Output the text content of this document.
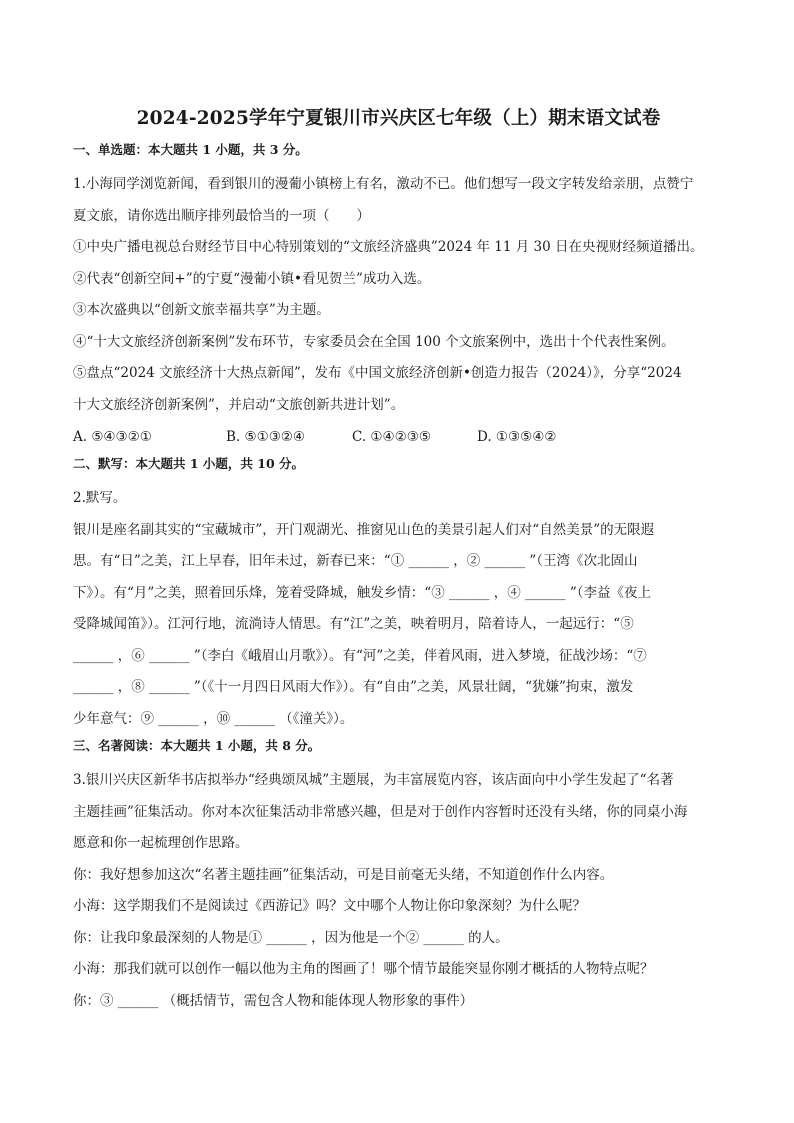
2024-2025学年宁夏银川市兴庆区七年级（上）期末语文试卷
一、单选题：本大题共 1 小题，共 3 分。

1.小海同学浏览新闻，看到银川的漫葡小镇榜上有名，激动不已。他们想写一段文字转发给亲朋，点赞宁

夏文旅，请你选出顺序排列最恰当的一项（　　）

①中央广播电视总台财经节目中心特别策划的“文旅经济盛典”2024 年 11 月 30 日在央视财经频道播出。

②代表“创新空间+”的宁夏“漫葡小镇•看见贺兰”成功入选。

③本次盛典以“创新文旅幸福共享”为主题。

④“十大文旅经济创新案例”发布环节，专家委员会在全国 100 个文旅案例中，选出十个代表性案例。

⑤盘点“2024 文旅经济十大热点新闻”，发布《中国文旅经济创新•创造力报告（2024）》，分享“2024

十大文旅经济创新案例”，并启动“文旅创新共进计划”。

A. ⑤④③②①	B. ⑤①③②④	C. ①④②③⑤	D. ①③⑤④②
二、默写：本大题共 1 小题，共 10 分。

2.默写。

银川是座名副其实的“宝藏城市”，开门观湖光、推窗见山色的美景引起人们对“自然美景”的无限遐

思。有“日”之美，江上早春，旧年未过，新春已来：“① ______ ，② ______ ”（王湾《次北固山

下》）。有“月”之美，照着回乐烽，笼着受降城，触发乡情：“③ ______ ，④ ______ ”（李益《夜上

受降城闻笛》）。江河行地，流淌诗人情思。有“江”之美，映着明月，陪着诗人，一起远行：“⑤

______ ，⑥ ______ ”（李白《峨眉山月歌》）。有“河”之美，伴着风雨，进入梦境，征战沙场：“⑦

______ ，⑧ ______ ”（《十一月四日风雨大作》）。有“自由”之美，风景壮阔，“犹嫌”拘束，激发

少年意气：⑨ ______ ，⑩ ______ （《潼关》）。

三、名著阅读：本大题共 1 小题，共 8 分。

3.银川兴庆区新华书店拟举办“经典颂凤城”主题展，为丰富展览内容，该店面向中小学生发起了“名著

主题挂画”征集活动。你对本次征集活动非常感兴趣，但是对于创作内容暂时还没有头绪，你的同桌小海

愿意和你一起梳理创作思路。

你：我好想参加这次“名著主题挂画”征集活动，可是目前毫无头绪，不知道创作什么内容。

小海：这学期我们不是阅读过《西游记》吗？文中哪个人物让你印象深刻？为什么呢？

你：让我印象最深刻的人物是① ______ ，因为他是一个② ______ 的人。

小海：那我们就可以创作一幅以他为主角的图画了！哪个情节最能突显你刚才概括的人物特点呢？

你：③ ______ （概括情节，需包含人物和能体现人物形象的事件）
